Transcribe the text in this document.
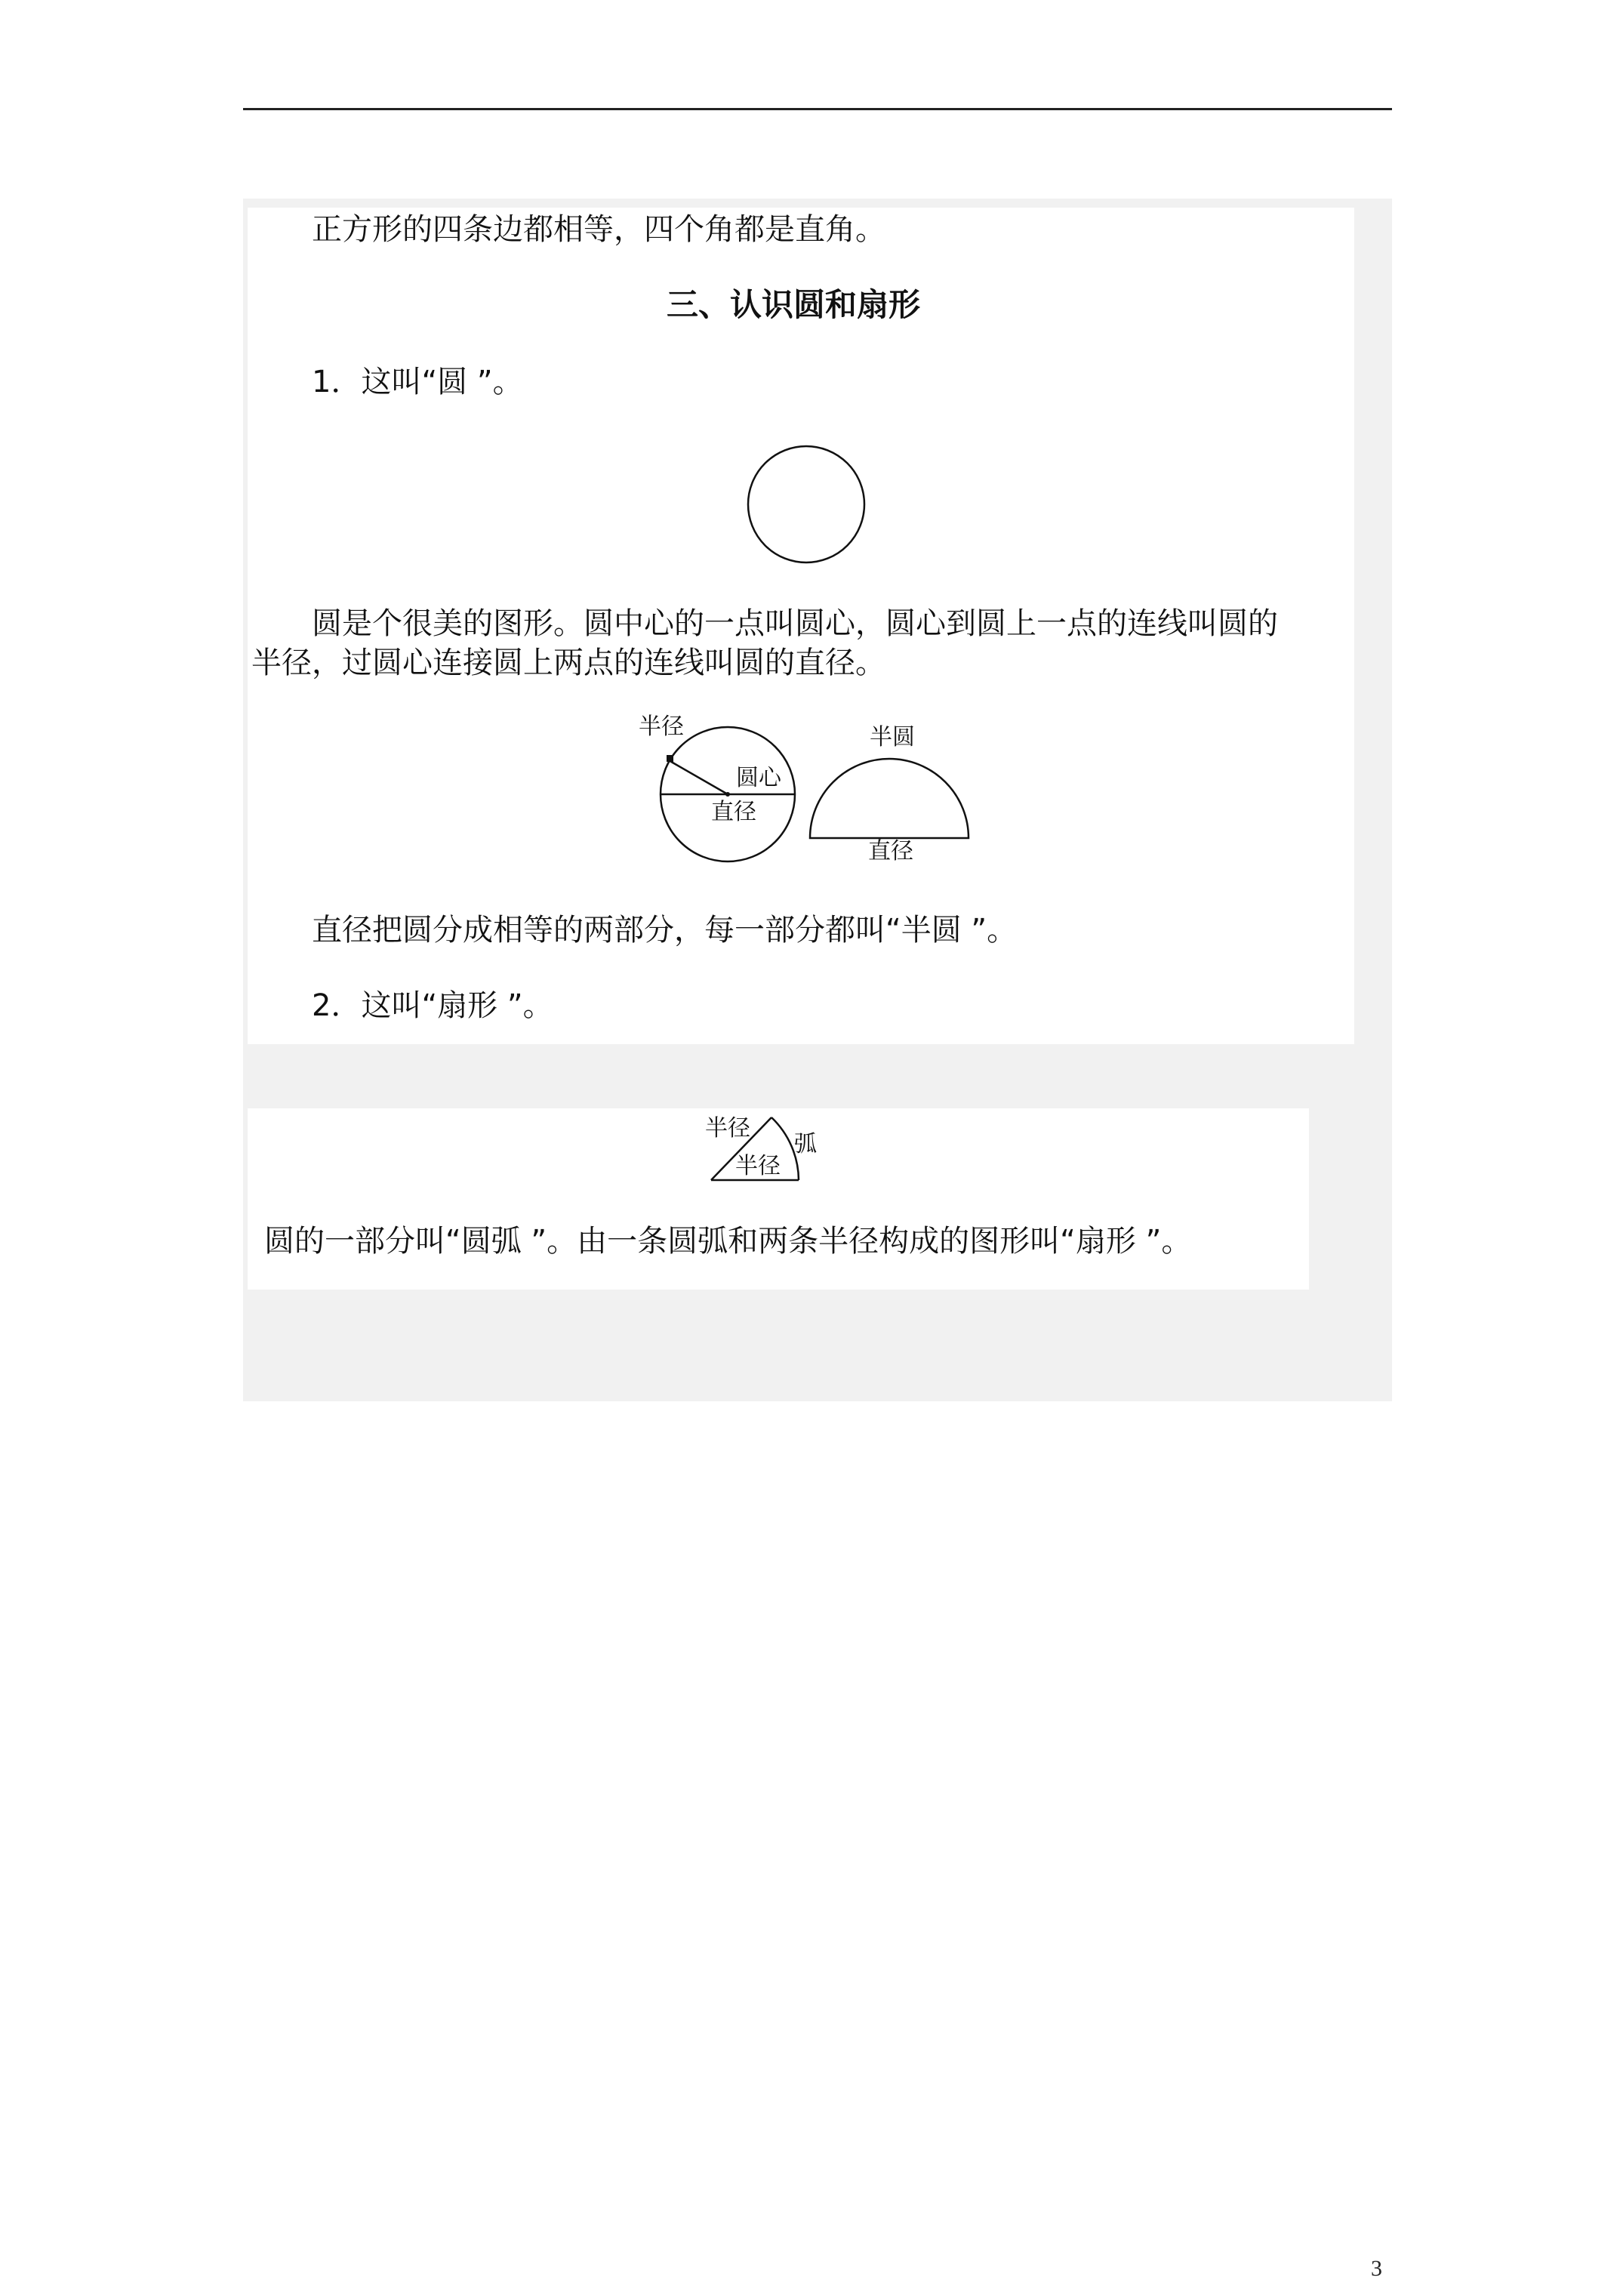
正方形的四条边都相等，四个角都是直角。
三、认识圆和扇形
1．这叫“圆 ”。
圆是个很美的图形。圆中心的一点叫圆心，圆心到圆上一点的连线叫圆的
半径，过圆心连接圆上两点的连线叫圆的直径。
半径
圆心
直径
半圆
直径
直径把圆分成相等的两部分，每一部分都叫“半圆 ”。
2．这叫“扇形 ”。
半径
弧
半径
圆的一部分叫“圆弧 ”。由一条圆弧和两条半径构成的图形叫“扇形 ”。
3
